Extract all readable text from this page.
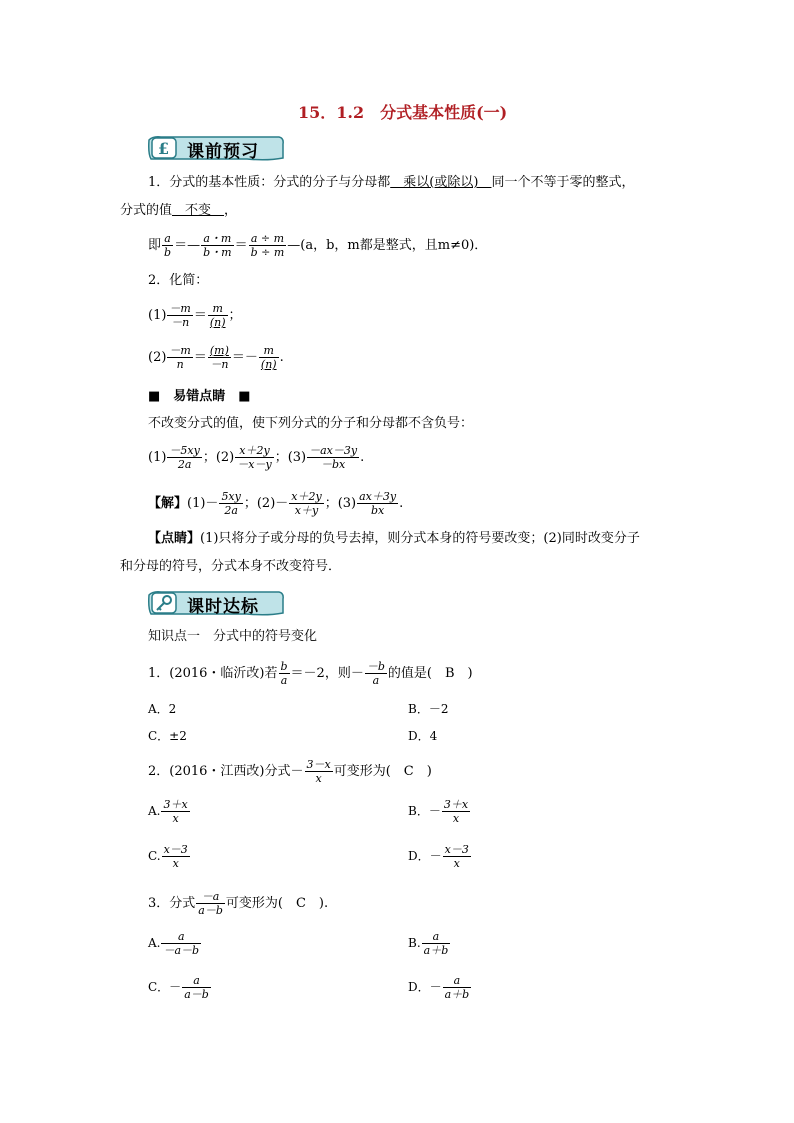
15．1.2　分式基本性质(一)
£ 课前预习
1．分式的基本性质：分式的分子与分母都＿乘以(或除以)＿同一个不等于零的整式，
分式的值＿不变＿，
即 $\frac{a}{b}$ ＝— $\frac{a・m}{b・m} = \frac{a \div m}{b \div m}$ —(a，b，m都是整式，且m≠0)．
2．化简：
$(1) \frac{-m}{-n} = \frac{m}{(n)}$ ；
$(2) \frac{-m}{n} = \frac{(m)}{-n} =- \frac{m}{(n)}$ .
■　易错点睛　■
不改变分式的值，使下列分式的分子和分母都不含负号：
$(1) \frac{-5xy}{2a}$ ；$(2) \frac{x+2y}{-x-y}$ ；$(3) \frac{-ax-3y}{-bx}$ .
【解】$(1)- \frac{5xy}{2a}$ ；$(2)- \frac{x+2y}{x+y}$ ；$(3) \frac{ax+3y}{bx}$ .
【点睛】(1)只将分子或分母的负号去掉，则分式本身的符号要改变；(2)同时改变分子
和分母的符号，分式本身不改变符号．
课时达标
知识点一　分式中的符号变化
1．(2016・临沂改)若 $\frac{b}{a} =-2$，则－ $\frac{-b}{a}$ 的值是(　B　)
A．2	B．－2
C．±2	D．4
2．(2016・江西改)分式－ $\frac{3-x}{x}$ 可变形为(　C　)
A. $\frac{3+x}{x}$	B．－ $\frac{3+x}{x}$
C. $\frac{x-3}{x}$	D．－ $\frac{x-3}{x}$
3．分式 $\frac{-a}{a-b}$ 可变形为(　C　).
A. $\frac{a}{-a-b}$	B. $\frac{a}{a+b}$
C．－ $\frac{a}{a-b}$	D．－ $\frac{a}{a+b}$
